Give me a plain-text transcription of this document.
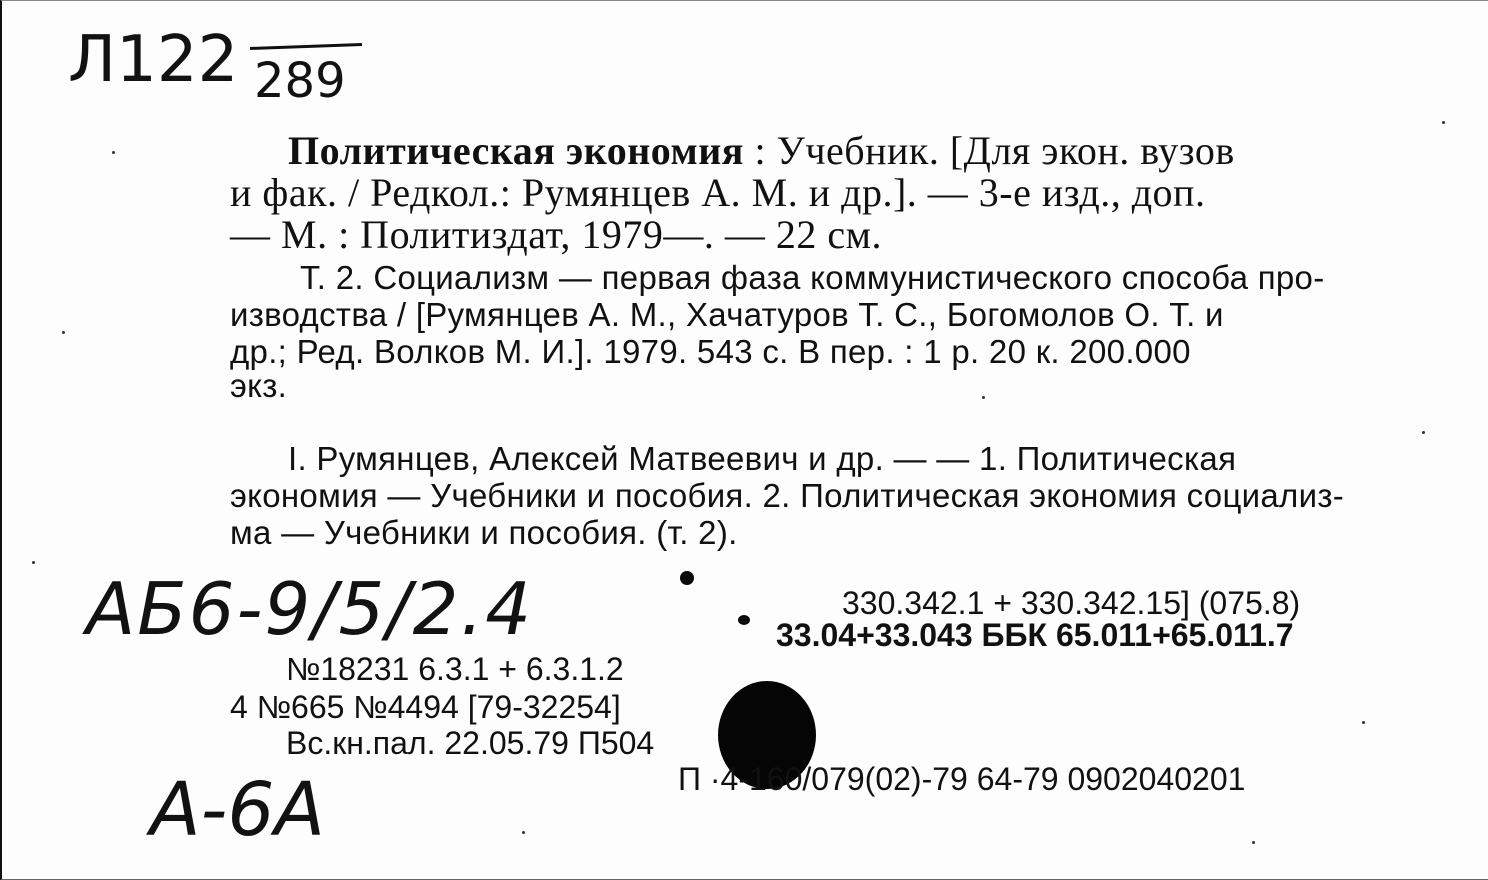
Л122 289

Политическая экономия : Учебник. [Для экон. вузов

и фак. / Редкол.: Румянцев А. М. и др.]. — 3-е изд., доп.

— М. : Политиздат, 1979—. — 22 см.

Т. 2. Социализм — первая фаза коммунистического способа про-

изводства / [Румянцев А. М., Хачатуров Т. С., Богомолов О. Т. и

др.; Ред. Волков М. И.]. 1979. 543 с. В пер. : 1 р. 20 к. 200.000

экз.

I. Румянцев, Алексей Матвеевич и др. — — 1. Политическая

экономия — Учебники и пособия. 2. Политическая экономия социализ-

ма — Учебники и пособия. (т. 2).

АБ6-9/5/2.4	330.342.1 + 330.342.15] (075.8)

33.04+33.043 ББК 65.011+65.011.7

№18231 6.3.1 + 6.3.1.2

4 №665 №4494 [79-32254]

Вс.кн.пал. 22.05.79 П504

П ·4-160/079(02)-79 64-79 0902040201

А-6А
